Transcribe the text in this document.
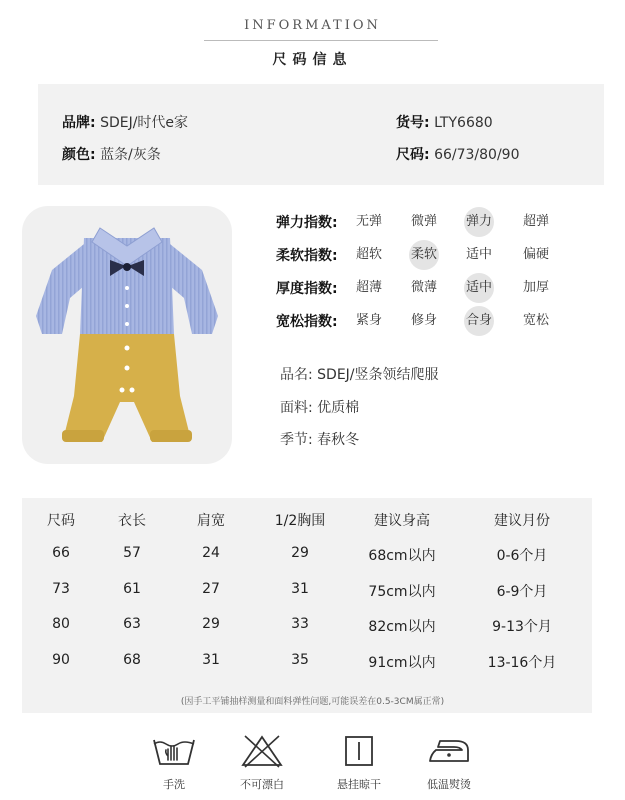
INFORMATION
尺码信息
品牌: SDEJ/时代e家	货号: LTY6680
颜色: 蓝条/灰条	尺码: 66/73/80/90
弹力指数:	无弹	微弹	弹力	超弹
柔软指数:	超软	柔软	适中	偏硬
厚度指数:	超薄	微薄	适中	加厚
宽松指数:	紧身	修身	合身	宽松
品名: SDEJ/竖条领结爬服
面料: 优质棉
季节: 春秋冬
尺码	衣长	肩宽	1/2胸围	建议身高	建议月份
66	57	24	29	68cm以内	0-6个月
73	61	27	31	75cm以内	6-9个月
80	63	29	33	82cm以内	9-13个月
90	68	31	35	91cm以内	13-16个月
(因手工平铺抽样测量和面料弹性问题,可能误差在0.5-3CM属正常)
手洗	不可漂白	悬挂晾干	低温熨烫
